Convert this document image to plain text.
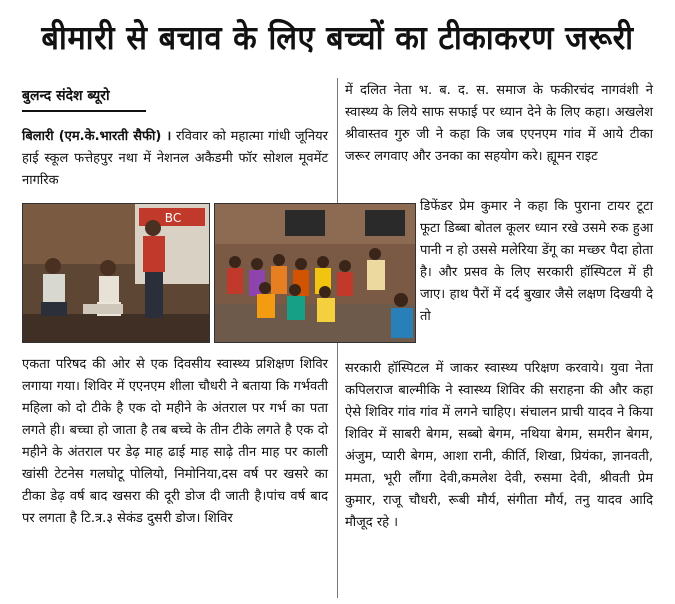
बीमारी से बचाव के लिए बच्चों का टीकाकरण जरूरी
बुलन्द संदेश ब्यूरो
बिलारी (एम.के.भारती सैफी) । रविवार को महात्मा गांधी जूनियर हाई स्कूल फत्तेहपुर नथा में नेशनल अकैडमी फॉर सोशल मूवमेंट नागरिक
BC
एकता परिषद की ओर से एक दिवसीय स्वास्थ्य प्रशिक्षण शिविर लगाया गया। शिविर में एएनएम शीला चौधरी ने बताया कि गर्भवती महिला को दो टीके है एक दो महीने के अंतराल पर गर्भ का पता लगते ही। बच्चा हो जाता है तब बच्चे के तीन टीके लगते है एक दो महीने के अंतराल पर डेढ़ माह ढाई माह साढ़े तीन माह पर काली खांसी टेटनेस गलघोटू पोलियो, निमोनिया,दस वर्ष पर खसरे का टीका डेढ़ वर्ष बाद खसरा की दूरी डोज दी जाती है।पांच वर्ष बाद पर लगता है टि.त्र.३ सेकंड दुसरी डोज। शिविर
में दलित नेता भ. ब. द. स. समाज के फकीरचंद नागवंशी ने स्वास्थ्य के लिये साफ सफाई पर ध्यान देने के लिए कहा। अखलेश श्रीवास्तव गुरु जी ने कहा कि जब एएनएम गांव में आये टीका जरूर लगवाए और उनका का सहयोग करे। ह्यूमन राइट
डिफेंडर प्रेम कुमार ने कहा कि पुराना टायर टूटा फूटा डिब्बा बोतल कूलर ध्यान रखे उसमे रुक हुआ पानी न हो उससे मलेरिया डेंगू का मच्छर पैदा होता है। और प्रसव के लिए सरकारी हॉस्पिटल में ही जाए। हाथ पैरों में दर्द बुखार जैसे लक्षण दिखयी दे तो
सरकारी हॉस्पिटल में जाकर स्वास्थ्य परिक्षण करवाये। युवा नेता कपिलराज बाल्मीकि ने स्वास्थ्य शिविर की सराहना की और कहा ऐसे शिविर गांव गांव में लगने चाहिए। संचालन प्राची यादव ने किया शिविर में साबरी बेगम, सब्बो बेगम, नथिया बेगम, समरीन बेगम, अंजुम, प्यारी बेगम, आशा रानी, कीर्ति, शिखा, प्रियंका, ज्ञानवती, ममता, भूरी लौंगा देवी,कमलेश देवी, रुसमा देवी, श्रीवती प्रेम कुमार, राजू चौधरी, रूबी मौर्य, संगीता मौर्य, तनु यादव आदि मौजूद रहे ।
